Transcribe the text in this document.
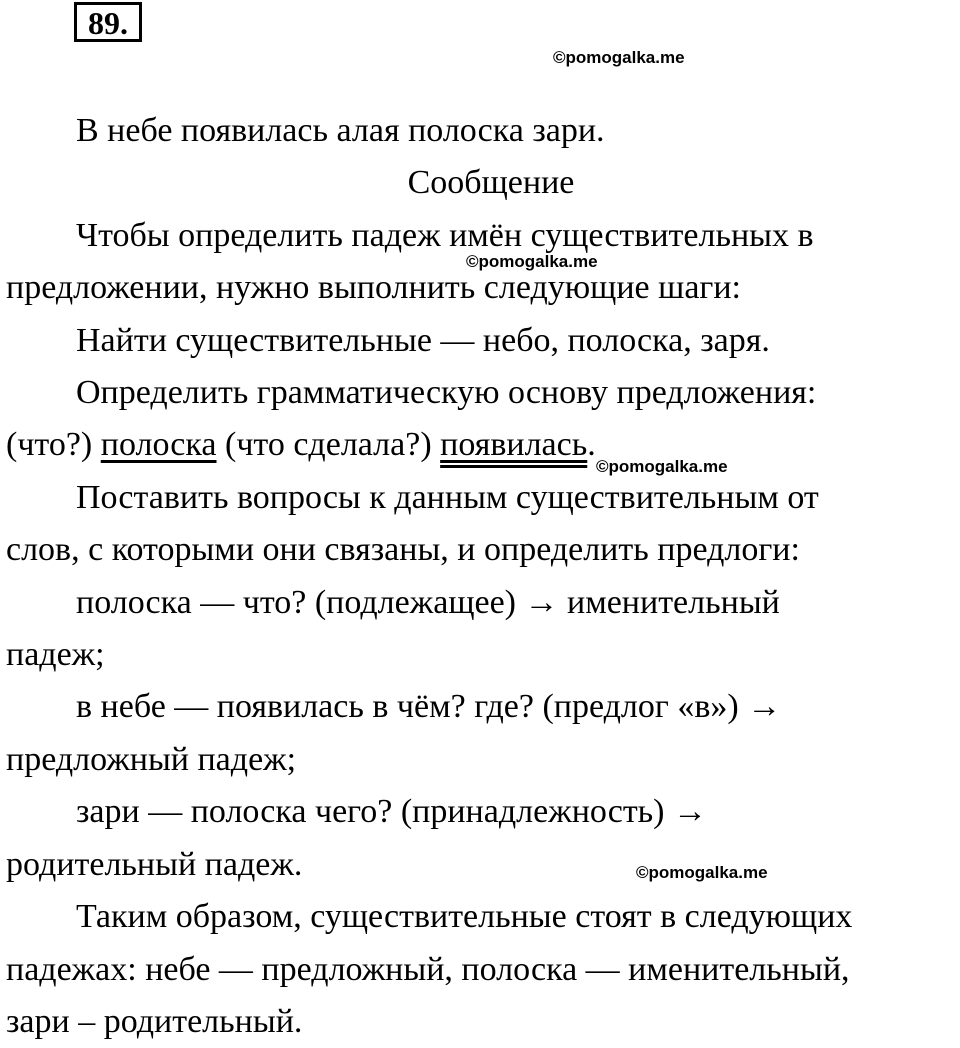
89.

В небе появилась алая полоска зари.

Сообщение

Чтобы определить падеж имён существительных в

предложении, нужно выполнить следующие шаги:

Найти существительные — небо, полоска, заря.

Определить грамматическую основу предложения:

(что?) полоска (что сделала?) появилась.

Поставить вопросы к данным существительным от

слов, с которыми они связаны, и определить предлоги:

полоска — что? (подлежащее) → именительный

падеж;

в небе — появилась в чём? где? (предлог «в») →

предложный падеж;

зари — полоска чего? (принадлежность) →

родительный падеж.

Таким образом, существительные стоят в следующих

падежах: небе — предложный, полоска — именительный,

зари – родительный.

©pomogalka.me
©pomogalka.me
©pomogalka.me
©pomogalka.me
